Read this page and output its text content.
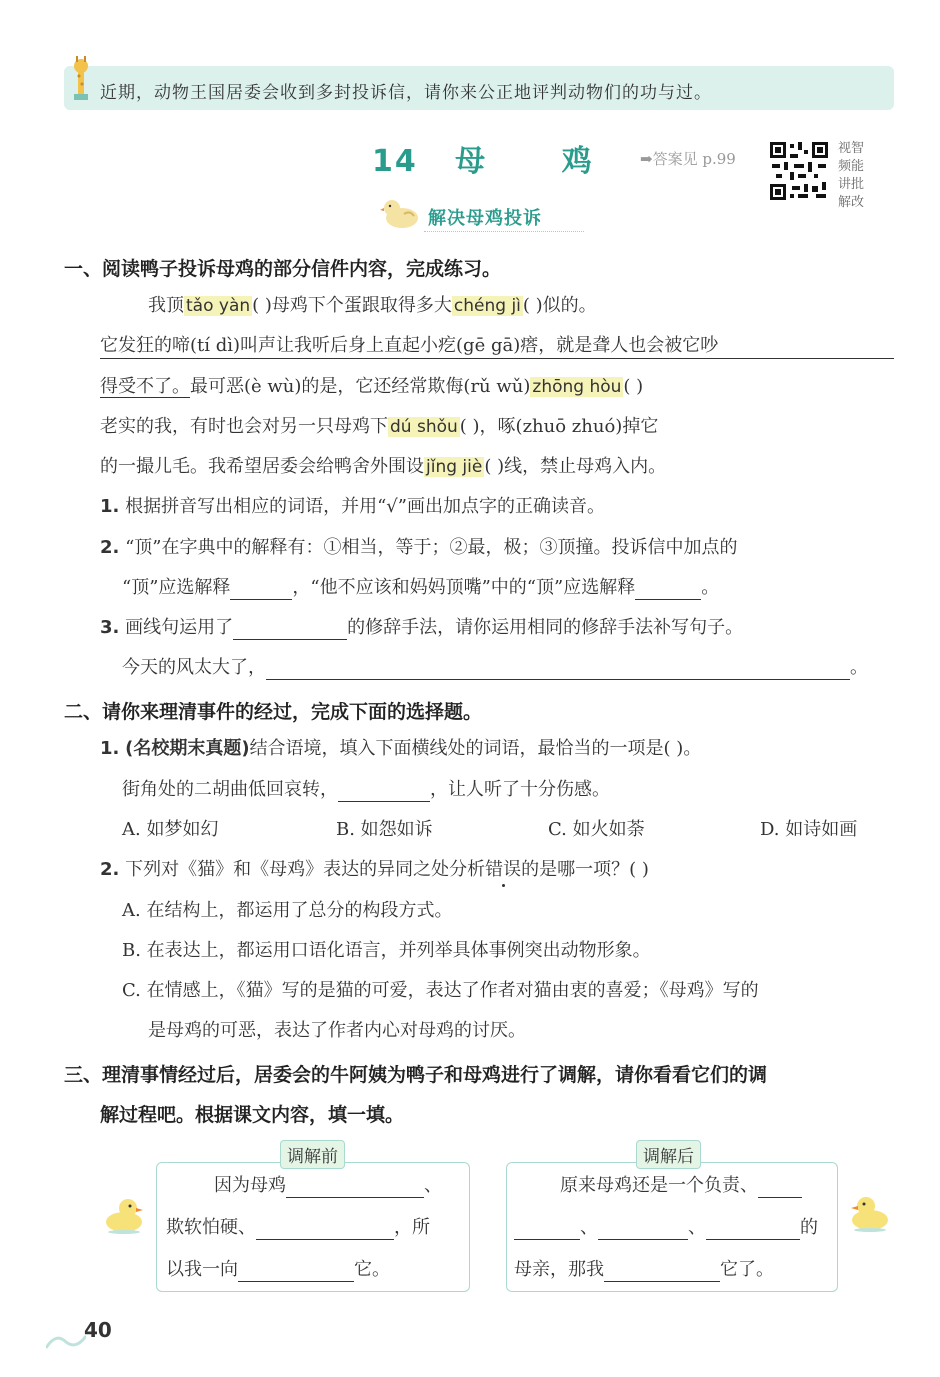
近期，动物王国居委会收到多封投诉信，请你来公正地评判动物们的功与过。
14 母 鸡	➡答案见 p.99
视智
频能
讲批
解改
解决母鸡投诉
一、阅读鸭子投诉母鸡的部分信件内容，完成练习。
我顶 tǎo yàn ( )母鸡下个蛋跟取得多大 chéng jì ( )似的。
它发狂的啼(tí dì)叫声让我听后身上直起小疙(gē gā)瘩，就是聋人也会被它吵
得受不了。最可恶(è wù)的是，它还经常欺侮(rǔ wǔ) zhōng hòu ( )
老实的我，有时也会对另一只母鸡下 dú shǒu ( )，啄(zhuō zhuó)掉它
的一撮儿毛。我希望居委会给鸭舍外围设 jǐng jiè ( )线，禁止母鸡入内。
1. 根据拼音写出相应的词语，并用“√”画出加点字的正确读音。
2. “顶”在字典中的解释有：①相当，等于；②最，极；③顶撞。投诉信中加点的
“顶”应选解释	，“他不应该和妈妈顶嘴”中的“顶”应选解释	。
3. 画线句运用了	的修辞手法，请你运用相同的修辞手法补写句子。
今天的风太大了，	。
二、请你来理清事件的经过，完成下面的选择题。
1. (名校期末真题)结合语境，填入下面横线处的词语，最恰当的一项是( )。
街角处的二胡曲低回哀转，	，让人听了十分伤感。
A. 如梦如幻	B. 如怨如诉	C. 如火如荼	D. 如诗如画
2. 下列对《猫》和《母鸡》表达的异同之处分析错误的是哪一项？( )
A. 在结构上，都运用了总分的构段方式。
B. 在表达上，都运用口语化语言，并列举具体事例突出动物形象。
C. 在情感上，《猫》写的是猫的可爱，表达了作者对猫由衷的喜爱；《母鸡》写的
是母鸡的可恶，表达了作者内心对母鸡的讨厌。
三、理清事情经过后，居委会的牛阿姨为鸭子和母鸡进行了调解，请你看看它们的调
解过程吧。根据课文内容，填一填。
调解前
因为母鸡	、
欺软怕硬、	，所
以我一向	它。
调解后
原来母鸡还是一个负责、
、	、	的
母亲，那我	它了。
40
